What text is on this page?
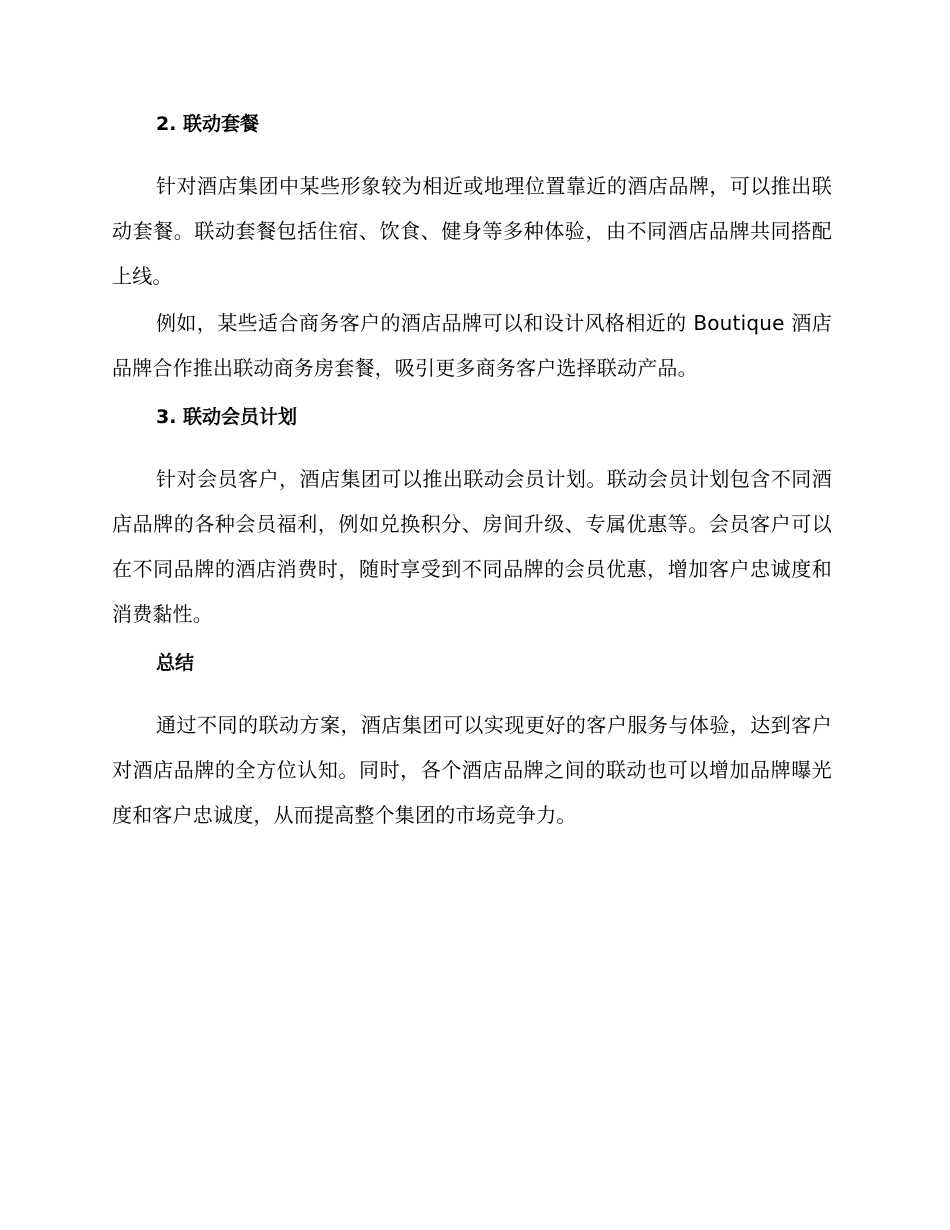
2. 联动套餐

针对酒店集团中某些形象较为相近或地理位置靠近的酒店品牌，可以推出联动套餐。联动套餐包括住宿、饮食、健身等多种体验，由不同酒店品牌共同搭配上线。

例如，某些适合商务客户的酒店品牌可以和设计风格相近的 Boutique 酒店品牌合作推出联动商务房套餐，吸引更多商务客户选择联动产品。

3. 联动会员计划

针对会员客户，酒店集团可以推出联动会员计划。联动会员计划包含不同酒店品牌的各种会员福利，例如兑换积分、房间升级、专属优惠等。会员客户可以在不同品牌的酒店消费时，随时享受到不同品牌的会员优惠，增加客户忠诚度和消费黏性。

总结

通过不同的联动方案，酒店集团可以实现更好的客户服务与体验，达到客户对酒店品牌的全方位认知。同时，各个酒店品牌之间的联动也可以增加品牌曝光度和客户忠诚度，从而提高整个集团的市场竞争力。
